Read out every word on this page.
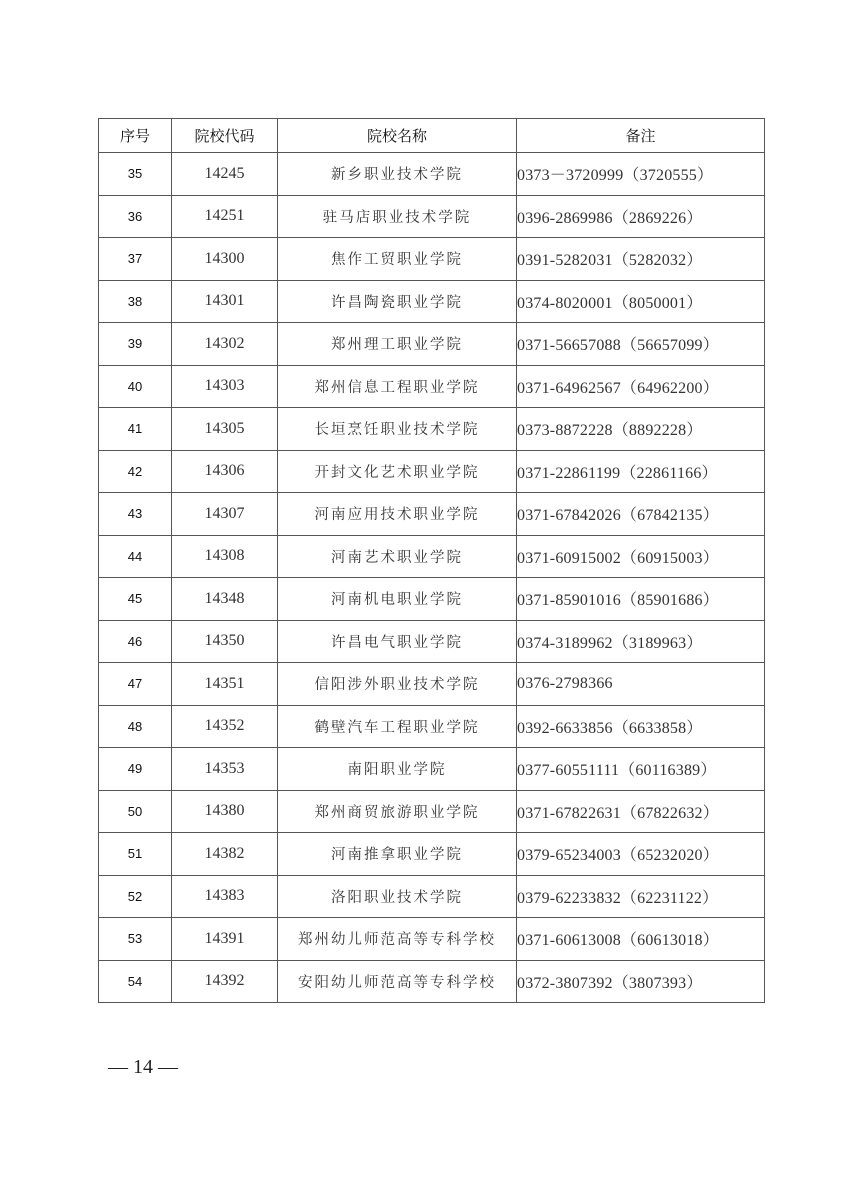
序号	院校代码	院校名称	备注
35	14245	新乡职业技术学院	0373－3720999（3720555）
36	14251	驻马店职业技术学院	0396-2869986（2869226）
37	14300	焦作工贸职业学院	0391-5282031（5282032）
38	14301	许昌陶瓷职业学院	0374-8020001（8050001）
39	14302	郑州理工职业学院	0371-56657088（56657099）
40	14303	郑州信息工程职业学院	0371-64962567（64962200）
41	14305	长垣烹饪职业技术学院	0373-8872228（8892228）
42	14306	开封文化艺术职业学院	0371-22861199（22861166）
43	14307	河南应用技术职业学院	0371-67842026（67842135）
44	14308	河南艺术职业学院	0371-60915002（60915003）
45	14348	河南机电职业学院	0371-85901016（85901686）
46	14350	许昌电气职业学院	0374-3189962（3189963）
47	14351	信阳涉外职业技术学院	0376-2798366
48	14352	鹤壁汽车工程职业学院	0392-6633856（6633858）
49	14353	南阳职业学院	0377-60551111（60116389）
50	14380	郑州商贸旅游职业学院	0371-67822631（67822632）
51	14382	河南推拿职业学院	0379-65234003（65232020）
52	14383	洛阳职业技术学院	0379-62233832（62231122）
53	14391	郑州幼儿师范高等专科学校	0371-60613008（60613018）
54	14392	安阳幼儿师范高等专科学校	0372-3807392（3807393）
— 14 —
